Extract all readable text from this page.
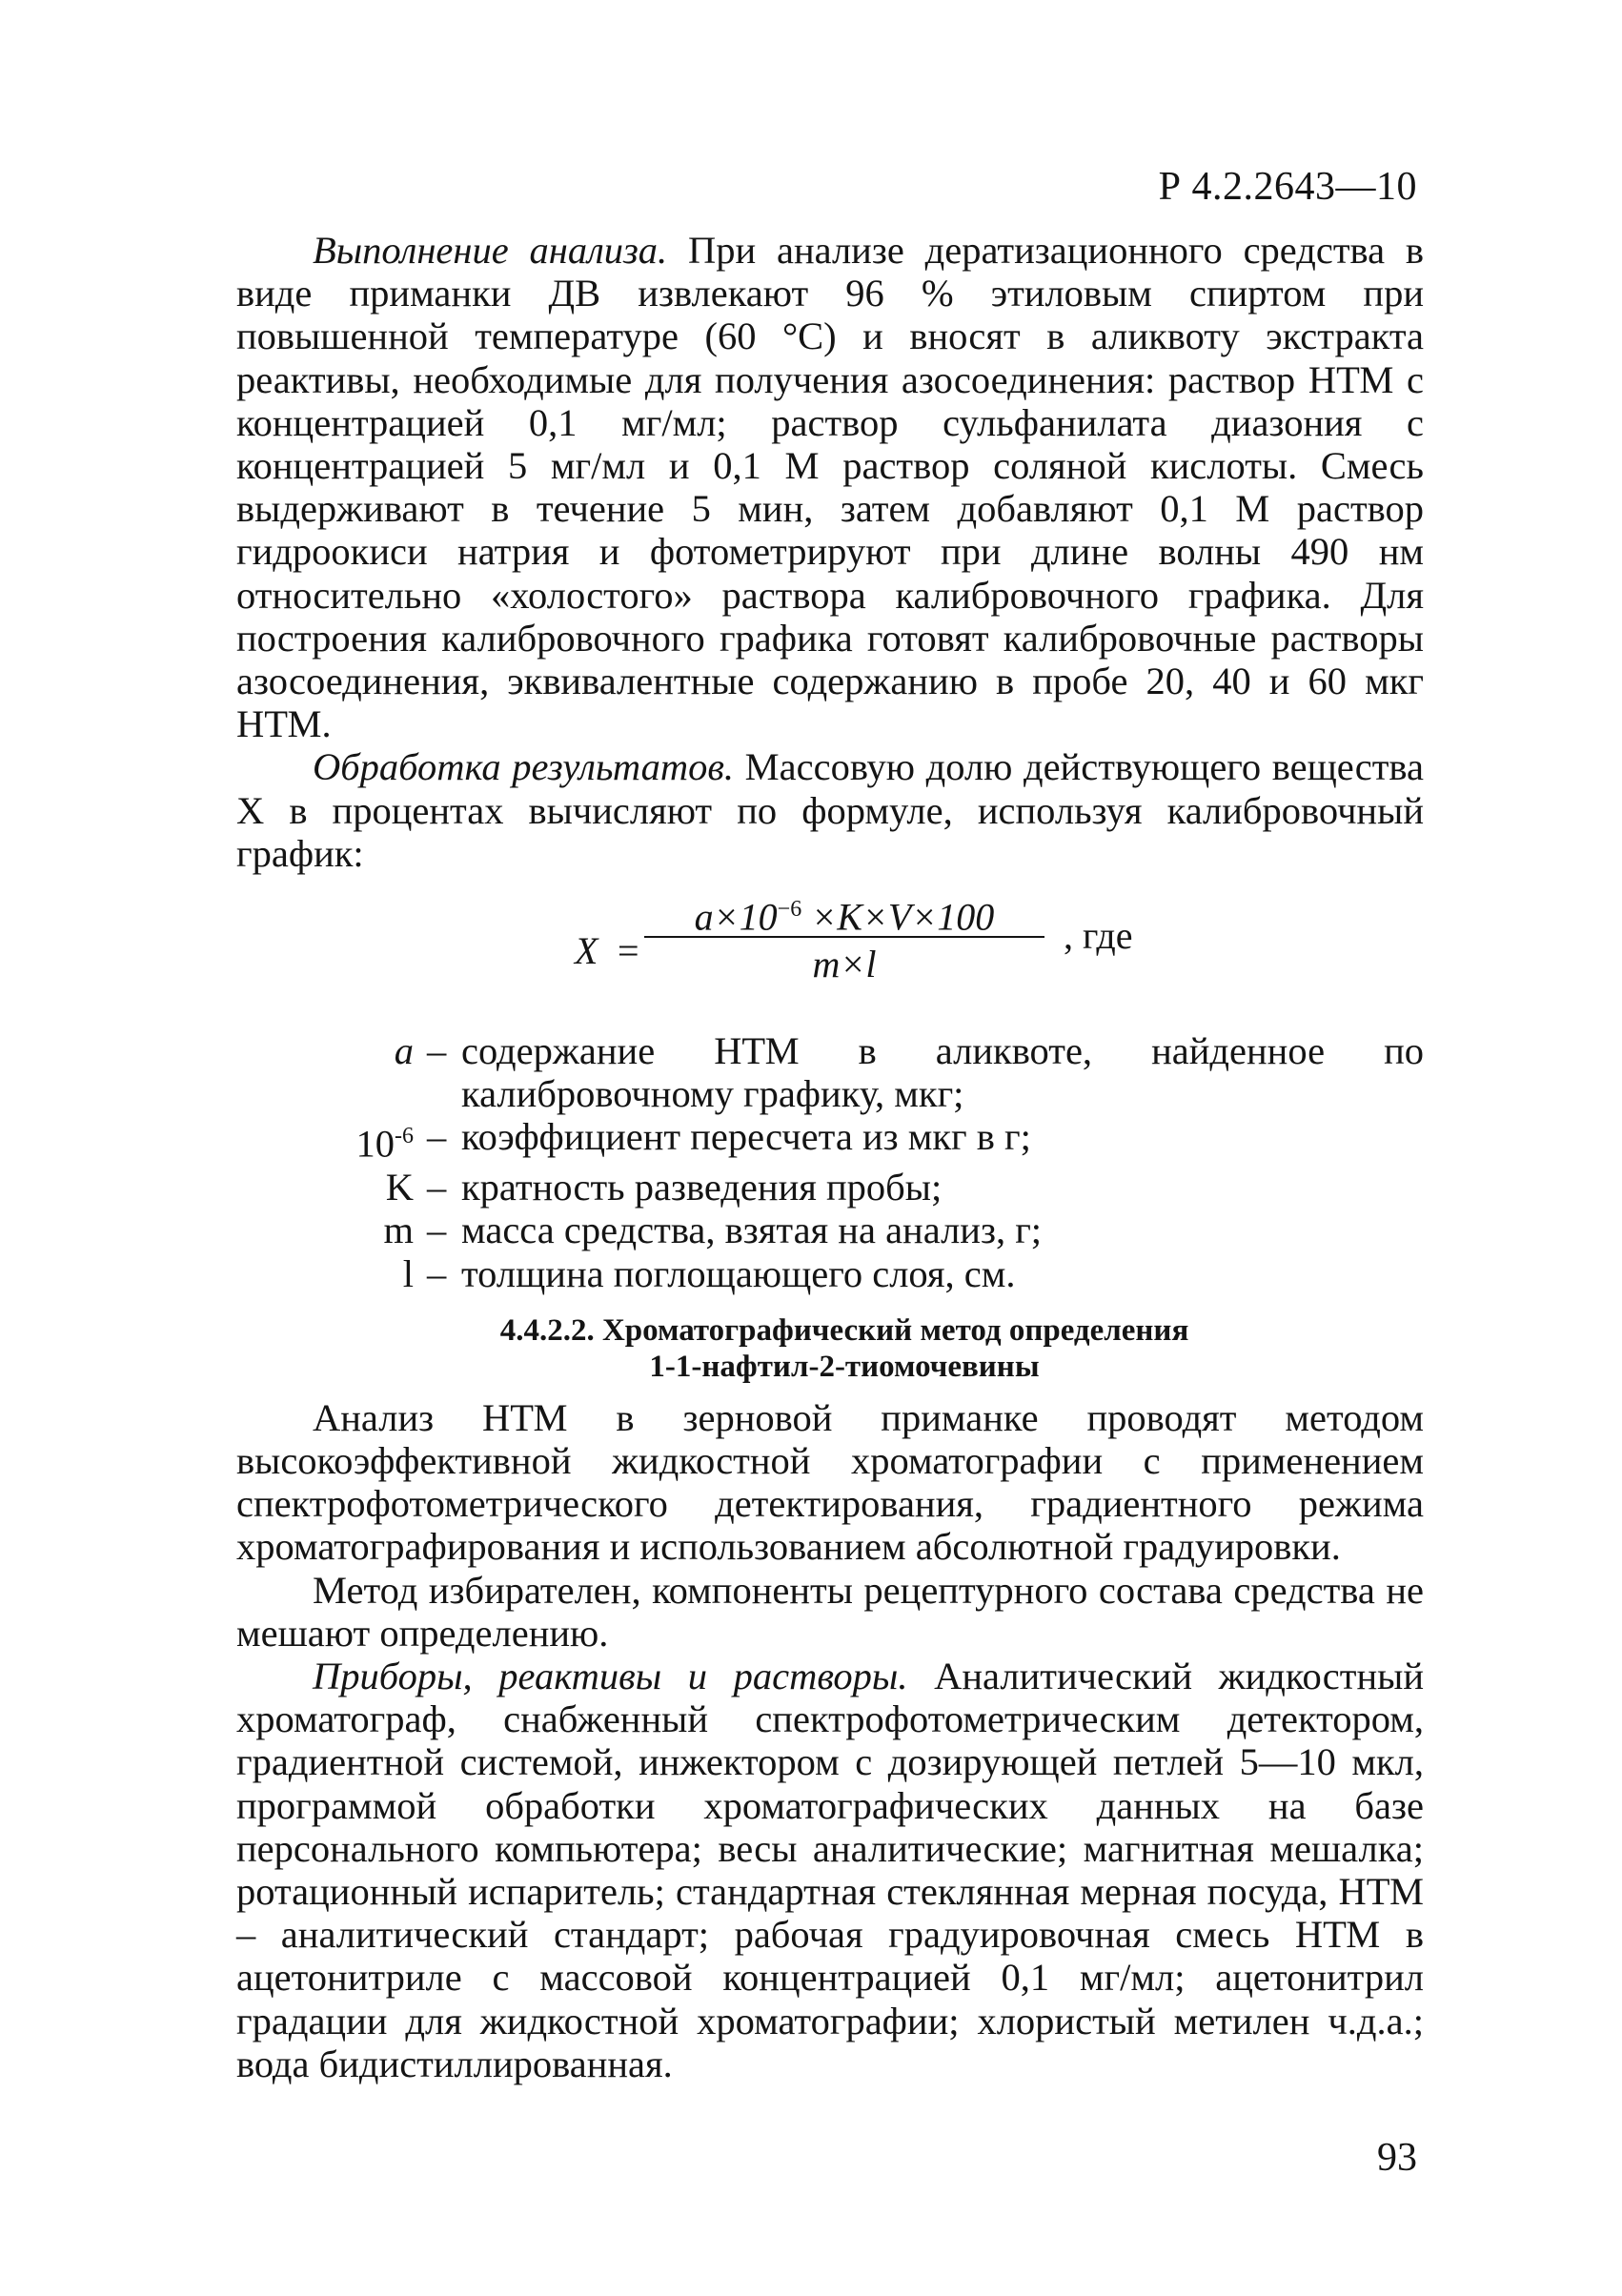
Р 4.2.2643—10

Выполнение анализа. При анализе дератизационного средства в виде приманки ДВ извлекают 96 % этиловым спиртом при повышенной температуре (60 °С) и вносят в аликвоту экстракта реактивы, необходимые для получения азосоединения: раствор НТМ с концентрацией 0,1 мг/мл; раствор сульфанилата диазония с концентрацией 5 мг/мл и 0,1 М раствор соляной кислоты. Смесь выдерживают в течение 5 мин, затем добавляют 0,1 М раствор гидроокиси натрия и фотометрируют при длине волны 490 нм относительно «холостого» раствора калибровочного графика. Для построения калибровочного графика готовят калибровочные растворы азосоединения, эквивалентные содержанию в пробе 20, 40 и 60 мкг НТМ.

Обработка результатов. Массовую долю действующего вещества Х в процентах вычисляют по формуле, используя калибровочный график:

X =
$a\times 10^{-6} \times K\times V\times 100$
m×l
, где
a – содержание НТМ в аликвоте, найденное по калибровочному графику, мкг;
$10^{-6}$ – коэффициент пересчета из мкг в г;
K – кратность разведения пробы;
m – масса средства, взятая на анализ, г;
l – толщина поглощающего слоя, см.
4.4.2.2. Хроматографический метод определения
1-1-нафтил-2-тиомочевины

Анализ НТМ в зерновой приманке проводят методом высокоэффективной жидкостной хроматографии с применением спектрофотометрического детектирования, градиентного режима хроматографирования и использованием абсолютной градуировки.

Метод избирателен, компоненты рецептурного состава средства не мешают определению.

Приборы, реактивы и растворы. Аналитический жидкостный хроматограф, снабженный спектрофотометрическим детектором, градиентной системой, инжектором с дозирующей петлей 5—10 мкл, программой обработки хроматографических данных на базе персонального компьютера; весы аналитические; магнитная мешалка; ротационный испаритель; стандартная стеклянная мерная посуда, НТМ – аналитический стандарт; рабочая градуировочная смесь НТМ в ацетонитриле с массовой концентрацией 0,1 мг/мл; ацетонитрил градации для жидкостной хроматографии; хлористый метилен ч.д.а.; вода бидистиллированная.

93
